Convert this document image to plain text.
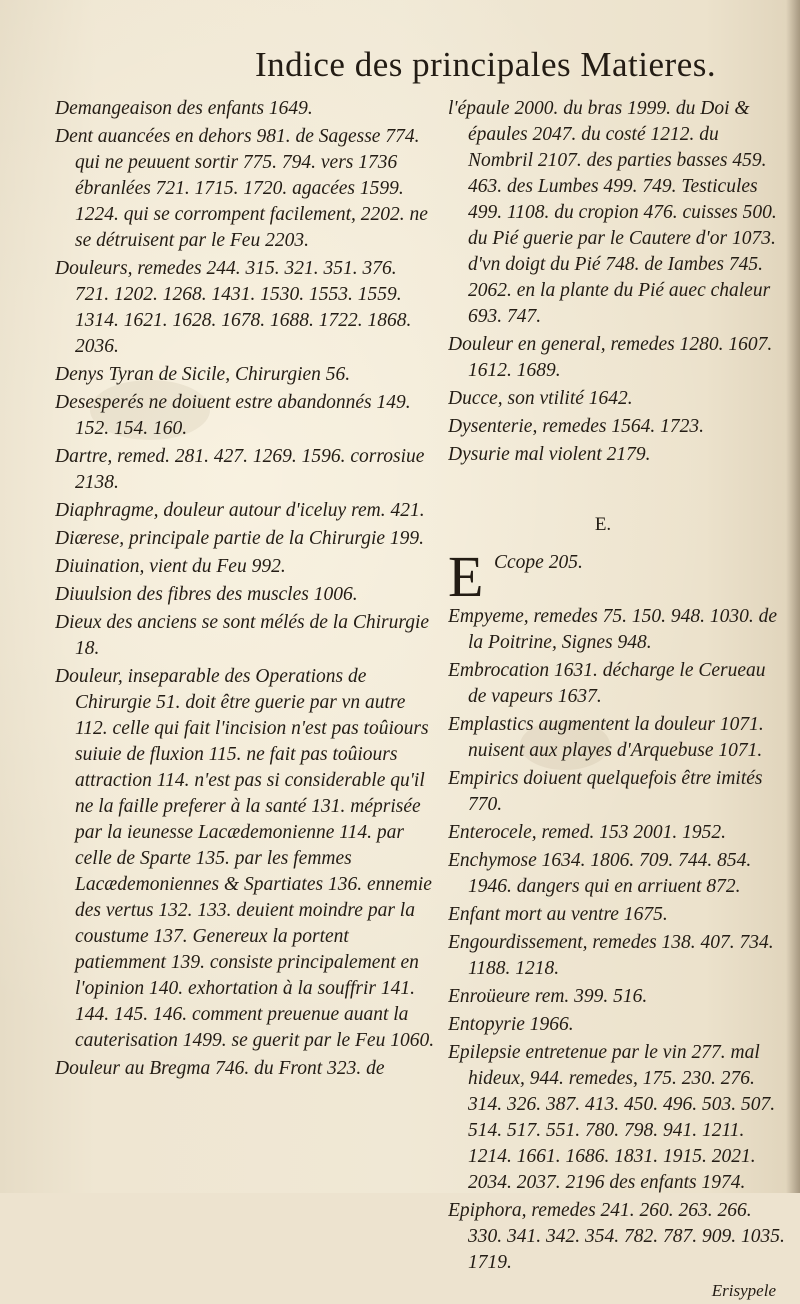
Indice des principales Matieres.
Demangeaison des enfants 1649.
Dent auancées en dehors 981. de Sagesse 774. qui ne peuuent sortir 775. 794. vers 1736 ébranlées 721. 1715. 1720. agacées 1599. 1224. qui se corrompent facilement, 2202. ne se détruisent par le Feu 2203.
Douleurs, remedes 244. 315. 321. 351. 376. 721. 1202. 1268. 1431. 1530. 1553. 1559. 1314. 1621. 1628. 1678. 1688. 1722. 1868. 2036.
Denys Tyran de Sicile, Chirurgien 56.
Desesperés ne doiuent estre abandonnés 149. 152. 154. 160.
Dartre, remed. 281. 427. 1269. 1596. corrosiue 2138.
Diaphragme, douleur autour d'iceluy rem. 421.
Diærese, principale partie de la Chirurgie 199.
Diuination, vient du Feu 992.
Diuulsion des fibres des muscles 1006.
Dieux des anciens se sont mélés de la Chirurgie 18.
Douleur, inseparable des Operations de Chirurgie 51. doit être guerie par vn autre 112. celle qui fait l'incision n'est pas toûiours suiuie de fluxion 115. ne fait pas toûiours attraction 114. n'est pas si considerable qu'il ne la faille preferer à la santé 131. méprisée par la ieunesse Lacædemonienne 114. par celle de Sparte 135. par les femmes Lacædemoniennes & Spartiates 136. ennemie des vertus 132. 133. deuient moindre par la coustume 137. Genereux la portent patiemment 139. consiste principalement en l'opinion 140. exhortation à la souffrir 141. 144. 145. 146. comment preuenue auant la cauterisation 1499. se guerit par le Feu 1060.
Douleur au Bregma 746. du Front 323. de
l'épaule 2000. du bras 1999. du Doi & épaules 2047. du costé 1212. du Nombril 2107. des parties basses 459. 463. des Lumbes 499. 749. Testicules 499. 1108. du cropion 476. cuisses 500. du Pié guerie par le Cautere d'or 1073. d'vn doigt du Pié 748. de Iambes 745. 2062. en la plante du Pié auec chaleur 693. 747.
Douleur en general, remedes 1280. 1607. 1612. 1689.
Ducce, son vtilité 1642.
Dysenterie, remedes 1564. 1723.
Dysurie mal violent 2179.
E.
E Ccope 205.
Empyeme, remedes 75. 150. 948. 1030. de la Poitrine, Signes 948.
Embrocation 1631. décharge le Cerueau de vapeurs 1637.
Emplastics augmentent la douleur 1071. nuisent aux playes d'Arquebuse 1071.
Empirics doiuent quelquefois être imités 770.
Enterocele, remed. 153 2001. 1952.
Enchymose 1634. 1806. 709. 744. 854. 1946. dangers qui en arriuent 872.
Enfant mort au ventre 1675.
Engourdissement, remedes 138. 407. 734. 1188. 1218.
Enroüeure rem. 399. 516.
Entopyrie 1966.
Epilepsie entretenue par le vin 277. mal hideux, 944. remedes, 175. 230. 276. 314. 326. 387. 413. 450. 496. 503. 507. 514. 517. 551. 780. 798. 941. 1211. 1214. 1661. 1686. 1831. 1915. 2021. 2034. 2037. 2196 des enfants 1974.
Epiphora, remedes 241. 260. 263. 266. 330. 341. 342. 354. 782. 787. 909. 1035. 1719.
Erisypele
